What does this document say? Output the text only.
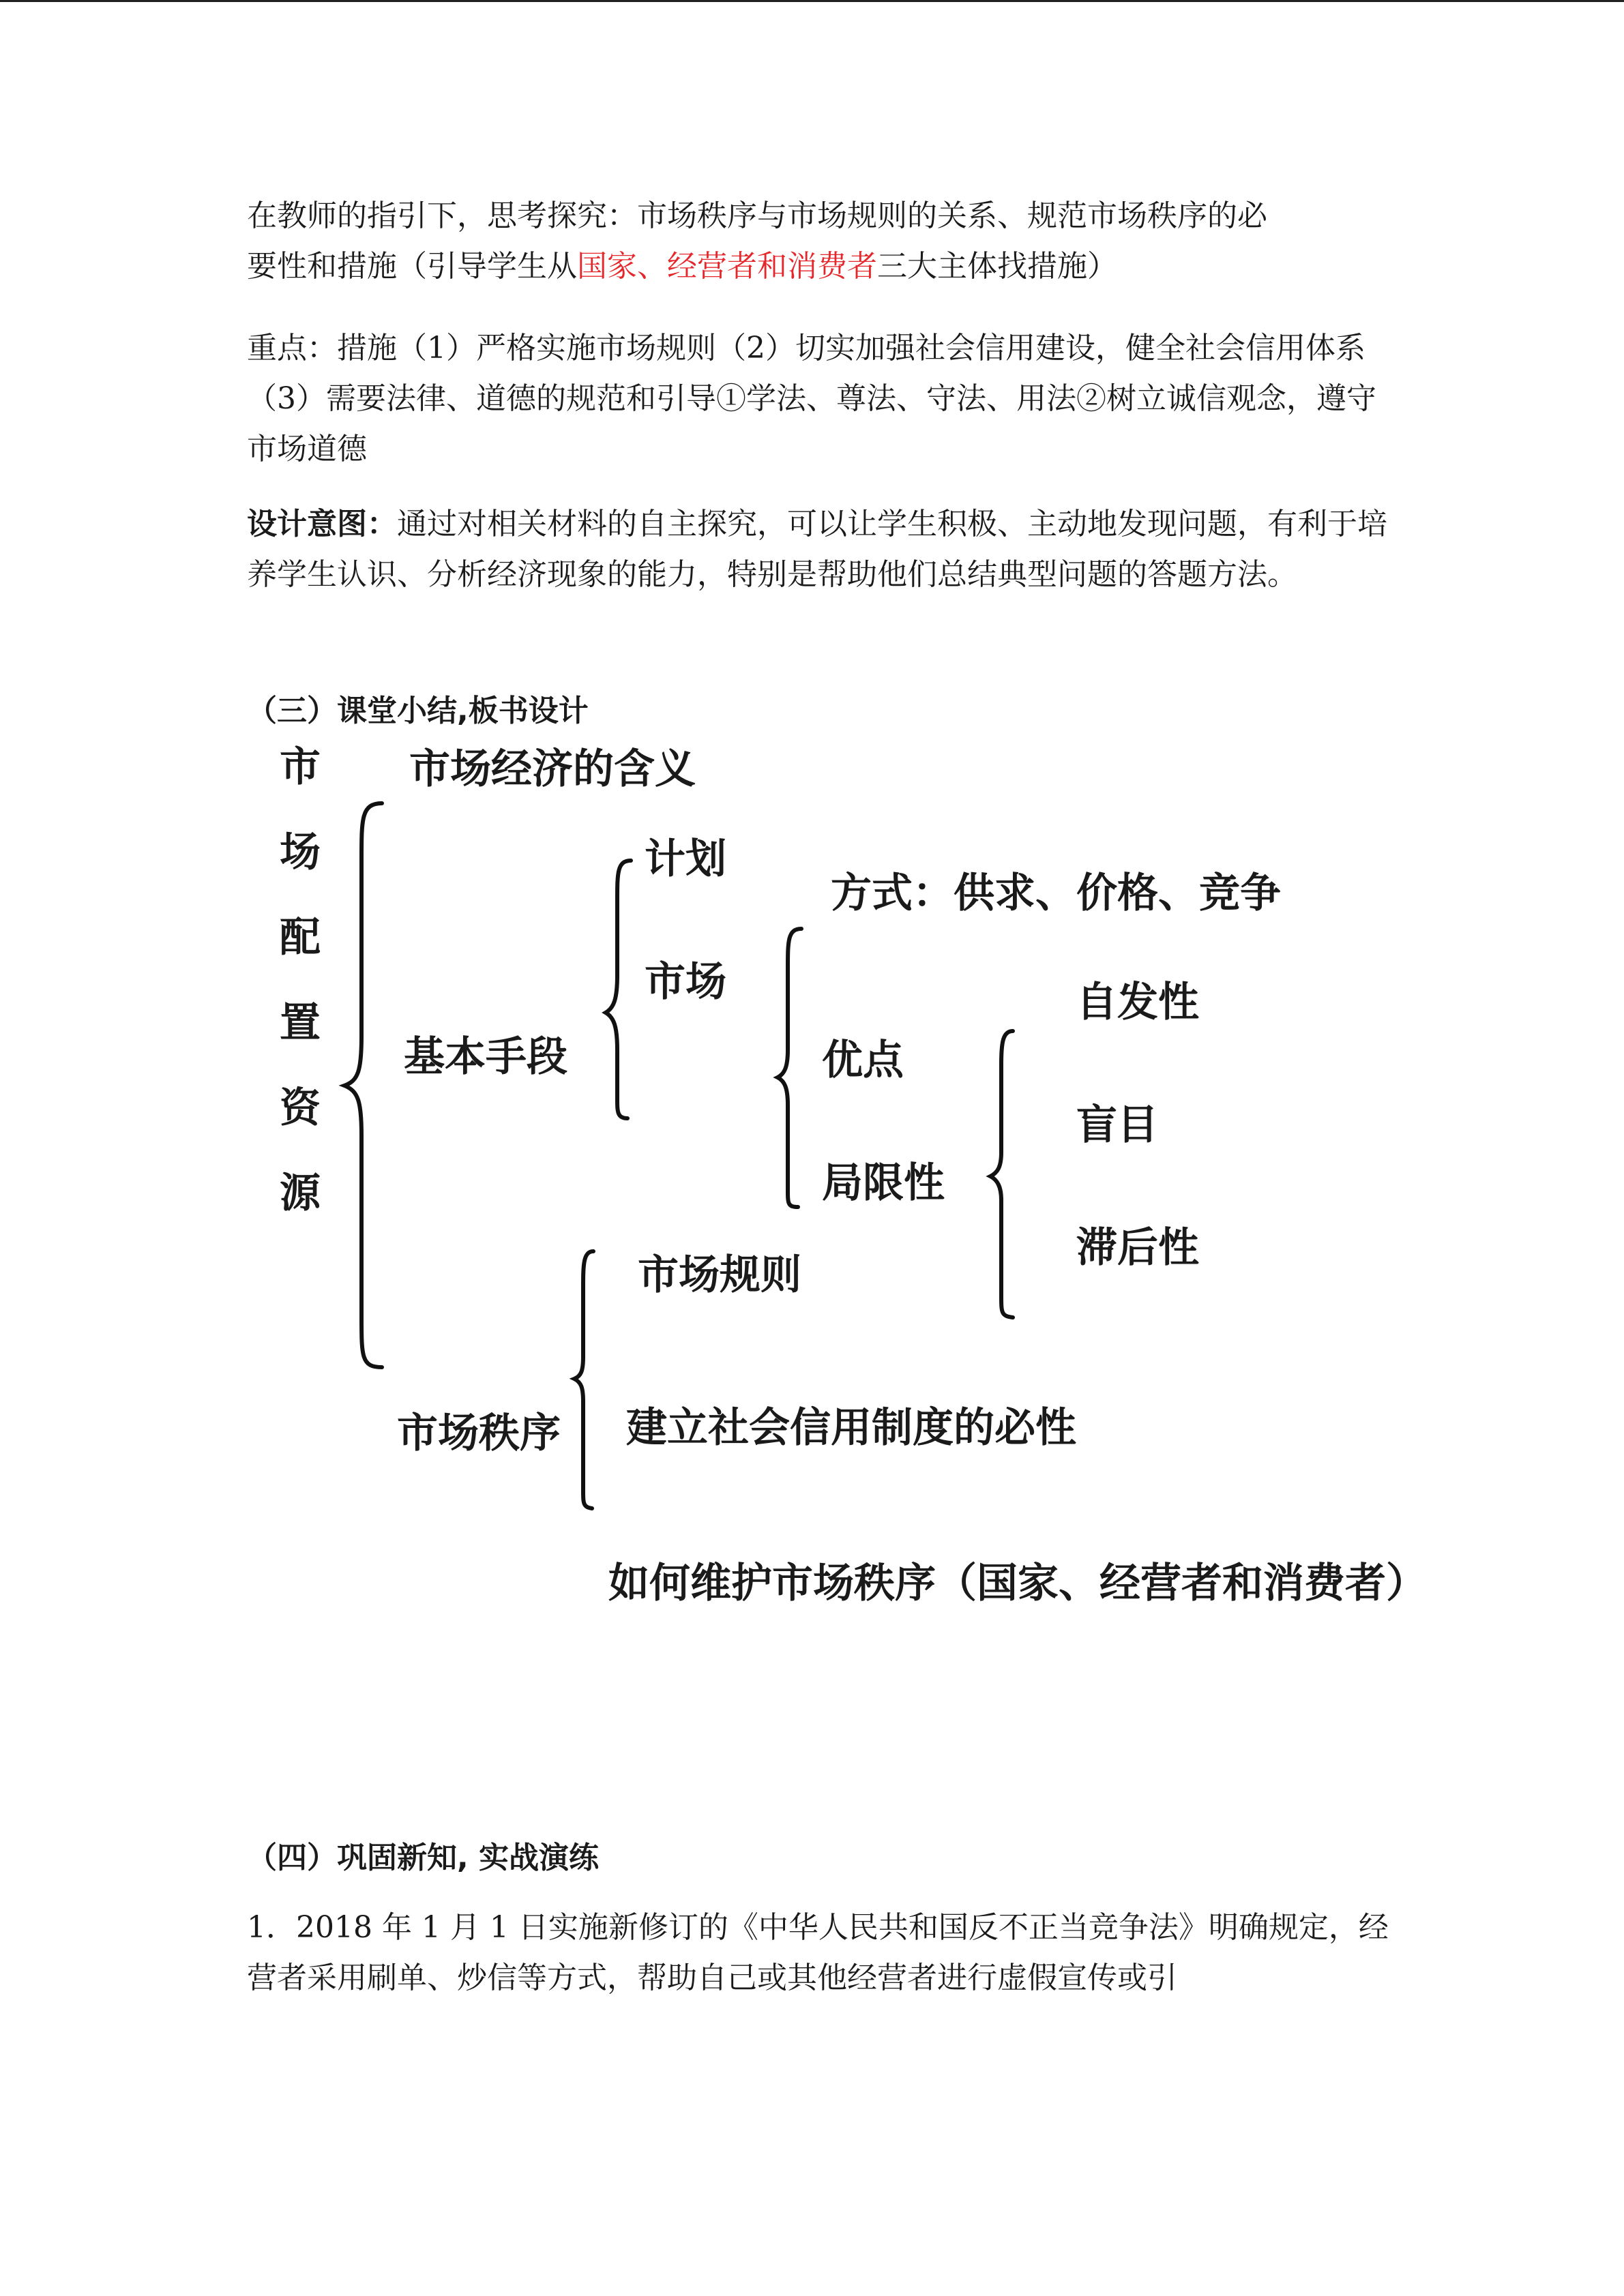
在教师的指引下，思考探究：市场秩序与市场规则的关系、规范市场秩序的必
要性和措施（引导学生从国家、经营者和消费者三大主体找措施）

重点：措施（1）严格实施市场规则（2）切实加强社会信用建设，健全社会信用体系（3）需要法律、道德的规范和引导①学法、尊法、守法、用法②树立诚信观念，遵守市场道德

设计意图：通过对相关材料的自主探究，可以让学生积极、主动地发现问题，有利于培养学生认识、分析经济现象的能力，特别是帮助他们总结典型问题的答题方法。

（三）课堂小结,板书设计
市
场
配
置
资
源
市场经济的含义
计划
方式：供求、价格、竞争
市场	自发性
基本手段	优点
盲目
局限性
滞后性
市场规则
建立社会信用制度的必性
市场秩序
如何维护市场秩序（国家、经营者和消费者）
（四）巩固新知, 实战演练

1．2018 年 1 月 1 日实施新修订的《中华人民共和国反不正当竞争法》明确规定，经营者采用刷单、炒信等方式，帮助自己或其他经营者进行虚假宣传或引
